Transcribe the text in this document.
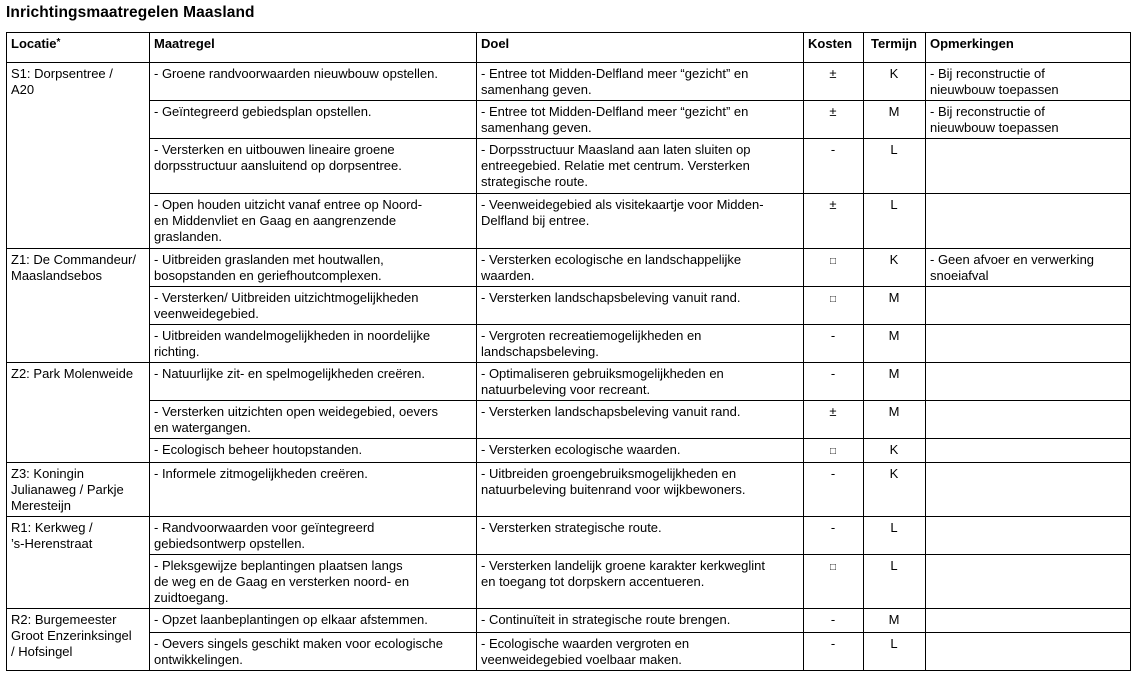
Inrichtingsmaatregelen Maasland
Locatie*	Maatregel	Doel	Kosten	Termijn	Opmerkingen
S1: Dorpsentree /
A20	- Groene randvoorwaarden nieuwbouw opstellen.	- Entree tot Midden-Delfland meer “gezicht” en
samenhang geven.	±	K	- Bij reconstructie of
nieuwbouw toepassen
	- Geïntegreerd gebiedsplan opstellen.	- Entree tot Midden-Delfland meer “gezicht” en
samenhang geven.	±	M	- Bij reconstructie of
nieuwbouw toepassen
	- Versterken en uitbouwen lineaire groene
dorpsstructuur aansluitend op dorpsentree.	- Dorpsstructuur Maasland aan laten sluiten op
entreegebied. Relatie met centrum. Versterken
strategische route.	-	L	
	- Open houden uitzicht vanaf entree op Noord-
en Middenvliet en Gaag en aangrenzende
graslanden.	- Veenweidegebied als visitekaartje voor Midden-
Delfland bij entree.	±	L	
Z1: De Commandeur/
Maaslandsebos	- Uitbreiden graslanden met houtwallen,
bosopstanden en geriefhoutcomplexen.	- Versterken ecologische en landschappelijke
waarden.	□	K	- Geen afvoer en verwerking
snoeiafval
	- Versterken/ Uitbreiden uitzichtmogelijkheden
veenweidegebied.	- Versterken landschapsbeleving vanuit rand.	□	M	
	- Uitbreiden wandelmogelijkheden in noordelijke
richting.	- Vergroten recreatiemogelijkheden en
landschapsbeleving.	-	M	
Z2: Park Molenweide	- Natuurlijke zit- en spelmogelijkheden creëren.	- Optimaliseren gebruiksmogelijkheden en
natuurbeleving voor recreant.	-	M	
	- Versterken uitzichten open weidegebied, oevers
en watergangen.	- Versterken landschapsbeleving vanuit rand.	±	M	
	- Ecologisch beheer houtopstanden.	- Versterken ecologische waarden.	□	K	
Z3: Koningin
Julianaweg / Parkje
Meresteijn	- Informele zitmogelijkheden creëren.	- Uitbreiden groengebruiksmogelijkheden en
natuurbeleving buitenrand voor wijkbewoners.	-	K	
R1: Kerkweg /
’s-Herenstraat	- Randvoorwaarden voor geïntegreerd
gebiedsontwerp opstellen.	- Versterken strategische route.	-	L	
	- Pleksgewijze beplantingen plaatsen langs
de weg en de Gaag en versterken noord- en
zuidtoegang.	- Versterken landelijk groene karakter kerkweglint
en toegang tot dorpskern accentueren.	□	L	
R2: Burgemeester
Groot Enzerinksingel
/ Hofsingel	- Opzet laanbeplantingen op elkaar afstemmen.	- Continuïteit in strategische route brengen.	-	M	
	- Oevers singels geschikt maken voor ecologische
ontwikkelingen.	- Ecologische waarden vergroten en
veenweidegebied voelbaar maken.	-	L	
